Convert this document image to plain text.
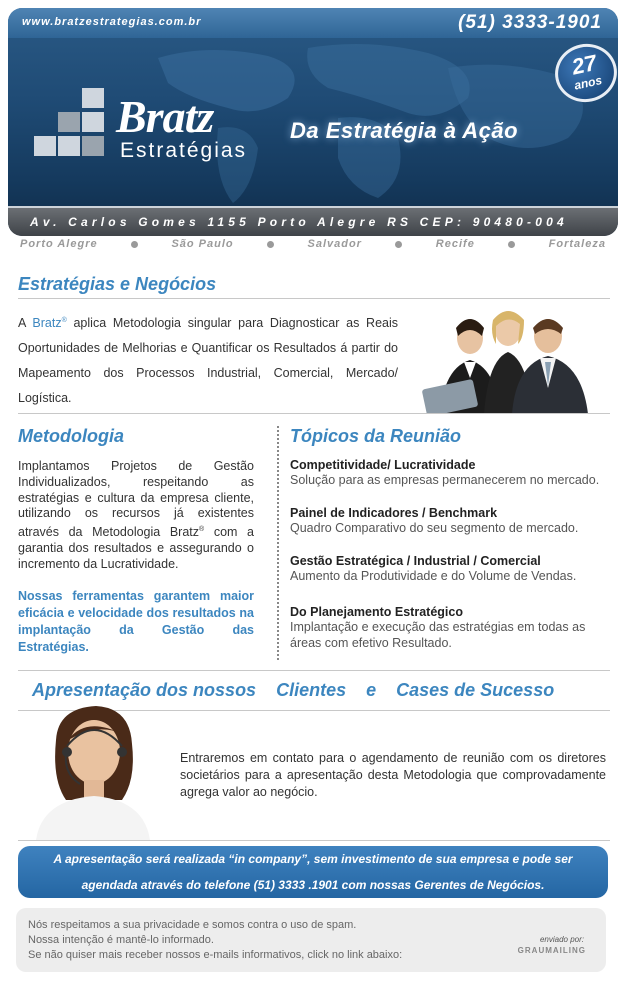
www.bratzestrategias.com.br	(51) 3333-1901
27
anos
Bratz
Estratégias
Da Estratégia à Ação
Av. Carlos Gomes 1155 Porto Alegre RS CEP: 90480-004
Porto Alegre	São Paulo	Salvador	Recife	Fortaleza
Estratégias e Negócios
A Bratz® aplica Metodologia singular para Diagnosticar as Reais Oportunidades de Melhorias e Quantificar os Resultados á partir do Mapeamento dos Processos Industrial, Comercial, Mercado/ Logística.
Metodologia
Implantamos Projetos de Gestão Individualizados, respeitando as estratégias e cultura da empresa cliente, utilizando os recursos já existentes através da Metodologia Bratz® com a garantia dos resultados e assegurando o incremento da Lucratividade.
Nossas ferramentas garantem maior eficácia e velocidade dos resultados na implantação da Gestão das Estratégias.
Tópicos da Reunião
Competitividade/ Lucratividade
Solução para as empresas permanecerem no mercado.
Painel de Indicadores / Benchmark
Quadro Comparativo do seu segmento de mercado.
Gestão Estratégica / Industrial / Comercial
Aumento da Produtividade e do Volume de Vendas.
Do Planejamento Estratégico
Implantação e execução das estratégias em todas as áreas com efetivo Resultado.
Apresentação dos nossos    Clientes    e    Cases de Sucesso
Entraremos em contato para o agendamento de reunião com os diretores societários para a apresentação desta Metodologia que comprovadamente agrega valor ao negócio.
A apresentação será realizada “in company”, sem investimento de sua empresa e pode ser
agendada através do telefone (51) 3333 .1901 com nossas Gerentes de Negócios.
Nós respeitamos a sua privacidade e somos contra o uso de spam.
Nossa intenção é mantê-lo informado.
Se não quiser mais receber nossos e-mails informativos, click no link abaixo:
enviado por:
GRAUMAILING
